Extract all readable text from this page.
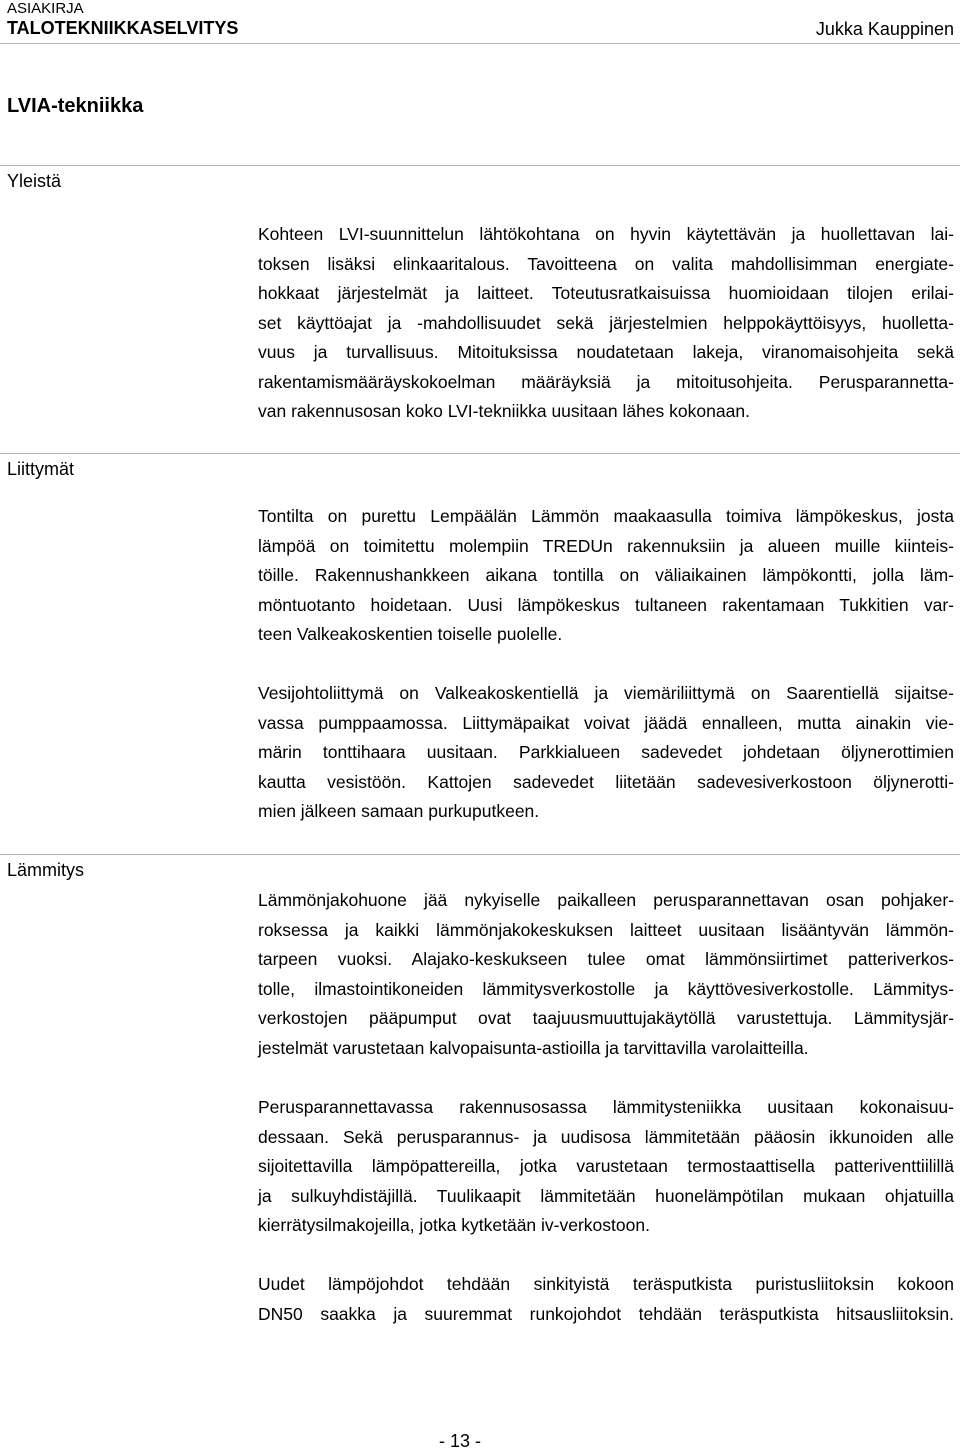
ASIAKIRJA
TALOTEKNIIKKASELVITYS	Jukka Kauppinen
LVIA-tekniikka
Yleistä

Kohteen LVI-suunnittelun lähtökohtana on hyvin käytettävän ja huollettavan lai-
toksen lisäksi elinkaaritalous. Tavoitteena on valita mahdollisimman energiate-
hokkaat järjestelmät ja laitteet. Toteutusratkaisuissa huomioidaan tilojen erilai-
set käyttöajat ja -mahdollisuudet sekä järjestelmien helppokäyttöisyys, huolletta-
vuus ja turvallisuus. Mitoituksissa noudatetaan lakeja, viranomaisohjeita sekä
rakentamismääräyskokoelman määräyksiä ja mitoitusohjeita. Perusparannetta-
van rakennusosan koko LVI-tekniikka uusitaan lähes kokonaan.

Liittymät

Tontilta on purettu Lempäälän Lämmön maakaasulla toimiva lämpökeskus, josta
lämpöä on toimitettu molempiin TREDUn rakennuksiin ja alueen muille kiinteis-
töille. Rakennushankkeen aikana tontilla on väliaikainen lämpökontti, jolla läm-
möntuotanto hoidetaan. Uusi lämpökeskus tultaneen rakentamaan Tukkitien var-
teen Valkeakoskentien toiselle puolelle.

Vesijohtoliittymä on Valkeakoskentiellä ja viemäriliittymä on Saarentiellä sijaitse-
vassa pumppaamossa. Liittymäpaikat voivat jäädä ennalleen, mutta ainakin vie-
märin tonttihaara uusitaan. Parkkialueen sadevedet johdetaan öljynerottimien
kautta vesistöön. Kattojen sadevedet liitetään sadevesiverkostoon öljynerotti-
mien jälkeen samaan purkuputkeen.

Lämmitys

Lämmönjakohuone jää nykyiselle paikalleen perusparannettavan osan pohjaker-
roksessa ja kaikki lämmönjakokeskuksen laitteet uusitaan lisääntyvän lämmön-
tarpeen vuoksi. Alajako-keskukseen tulee omat lämmönsiirtimet patteriverkos-
tolle, ilmastointikoneiden lämmitysverkostolle ja käyttövesiverkostolle. Lämmitys-
verkostojen pääpumput ovat taajuusmuuttujakäytöllä varustettuja. Lämmitysjär-
jestelmät varustetaan kalvopaisunta-astioilla ja tarvittavilla varolaitteilla.

Perusparannettavassa rakennusosassa lämmitysteniikka uusitaan kokonaisuu-
dessaan. Sekä perusparannus- ja uudisosa lämmitetään pääosin ikkunoiden alle
sijoitettavilla lämpöpattereilla, jotka varustetaan termostaattisella patteriventtiilillä
ja sulkuyhdistäjillä. Tuulikaapit lämmitetään huonelämpötilan mukaan ohjatuilla
kierrätysilmakojeilla, jotka kytketään iv-verkostoon.

Uudet lämpöjohdot tehdään sinkityistä teräsputkista puristusliitoksin kokoon
DN50 saakka ja suuremmat runkojohdot tehdään teräsputkista hitsausliitoksin.

- 13 -
